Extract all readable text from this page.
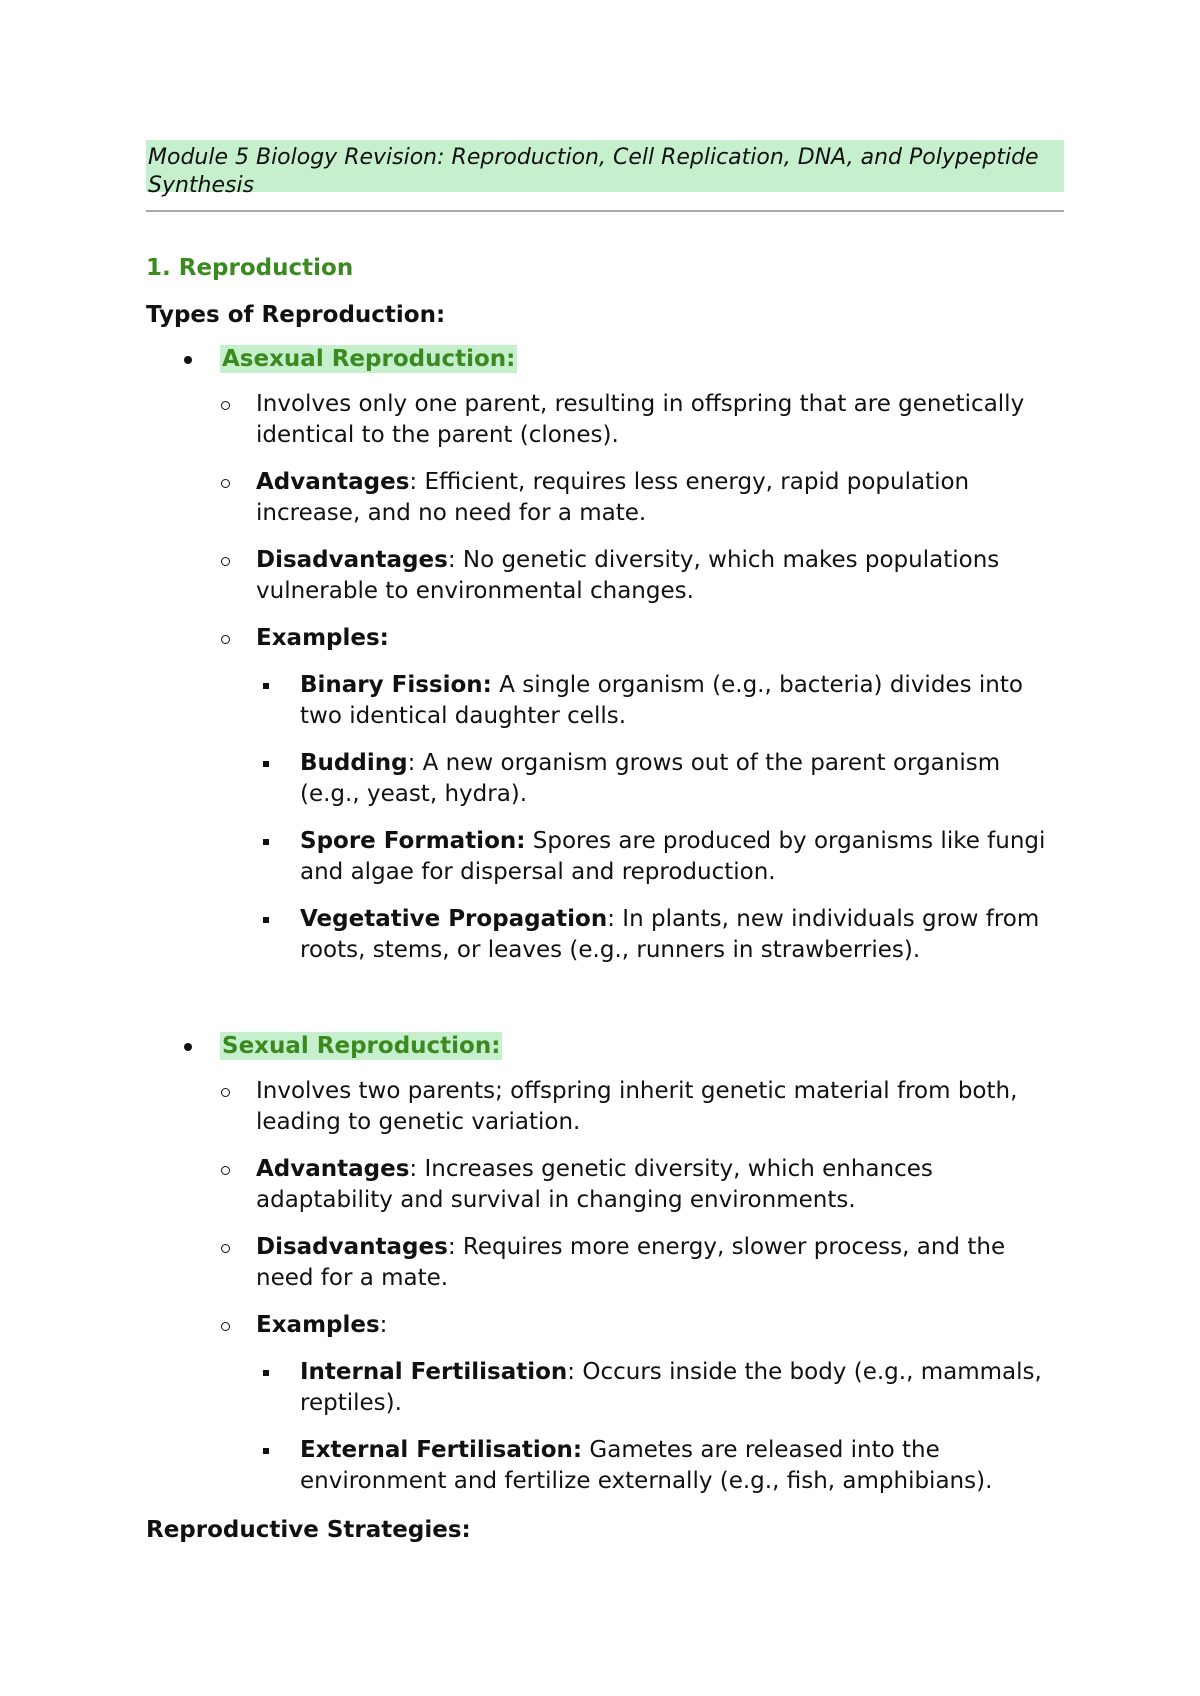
Module 5 Biology Revision: Reproduction, Cell Replication, DNA, and Polypeptide Synthesis
1. Reproduction
Types of Reproduction:
Asexual Reproduction:
Involves only one parent, resulting in offspring that are genetically identical to the parent (clones).
Advantages: Efficient, requires less energy, rapid population increase, and no need for a mate.
Disadvantages: No genetic diversity, which makes populations vulnerable to environmental changes.
Examples:
Binary Fission: A single organism (e.g., bacteria) divides into two identical daughter cells.
Budding: A new organism grows out of the parent organism (e.g., yeast, hydra).
Spore Formation: Spores are produced by organisms like fungi and algae for dispersal and reproduction.
Vegetative Propagation: In plants, new individuals grow from roots, stems, or leaves (e.g., runners in strawberries).
Sexual Reproduction:
Involves two parents; offspring inherit genetic material from both, leading to genetic variation.
Advantages: Increases genetic diversity, which enhances adaptability and survival in changing environments.
Disadvantages: Requires more energy, slower process, and the need for a mate.
Examples:
Internal Fertilisation: Occurs inside the body (e.g., mammals, reptiles).
External Fertilisation: Gametes are released into the environment and fertilize externally (e.g., fish, amphibians).
Reproductive Strategies:
